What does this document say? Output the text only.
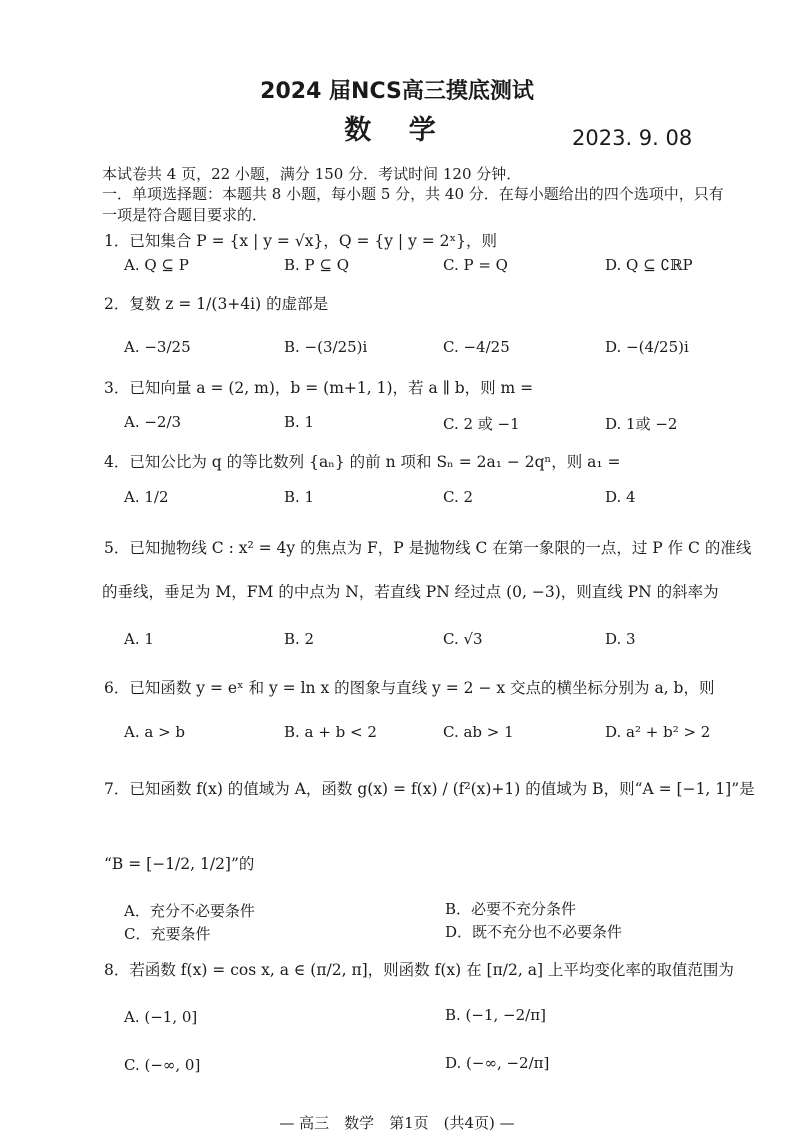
2024 届NCS高三摸底测试
数 学	2023. 9. 08
本试卷共 4 页，22 小题，满分 150 分．考试时间 120 分钟．
一．单项选择题：本题共 8 小题，每小题 5 分，共 40 分．在每小题给出的四个选项中，只有
一项是符合题目要求的．
1．已知集合 P = {x | y = √x}，Q = {y | y = 2ˣ}，则
A. Q ⊆ P	B. P ⊆ Q	C. P = Q	D. Q ⊆ ∁ℝP
2．复数 z = 1/(3+4i) 的虚部是
A. −3/25	B. −(3/25)i	C. −4/25	D. −(4/25)i
3．已知向量 a = (2, m)，b = (m+1, 1)，若 a ∥ b，则 m =
A. −2/3	B. 1	C. 2 或 −1	D. 1或 −2
4．已知公比为 q 的等比数列 {aₙ} 的前 n 项和 Sₙ = 2a₁ − 2qⁿ，则 a₁ =
A. 1/2	B. 1	C. 2	D. 4
5．已知抛物线 C : x² = 4y 的焦点为 F，P 是抛物线 C 在第一象限的一点，过 P 作 C 的准线
的垂线，垂足为 M，FM 的中点为 N，若直线 PN 经过点 (0, −3)，则直线 PN 的斜率为
A. 1	B. 2	C. √3	D. 3
6．已知函数 y = eˣ 和 y = ln x 的图象与直线 y = 2 − x 交点的横坐标分别为 a, b，则
A. a > b	B. a + b < 2	C. ab > 1	D. a² + b² > 2
7．已知函数 f(x) 的值域为 A，函数 g(x) = f(x) / (f²(x)+1) 的值域为 B，则“A = [−1, 1]”是
“B = [−1/2, 1/2]”的
A．充分不必要条件	B．必要不充分条件
C．充要条件	D．既不充分也不必要条件
8．若函数 f(x) = cos x, a ∈ (π/2, π]，则函数 f(x) 在 [π/2, a] 上平均变化率的取值范围为
A. (−1, 0]	B. (−1, −2/π]
C. (−∞, 0]	D. (−∞, −2/π]
— 高三　数学　第1页　(共4页) —
